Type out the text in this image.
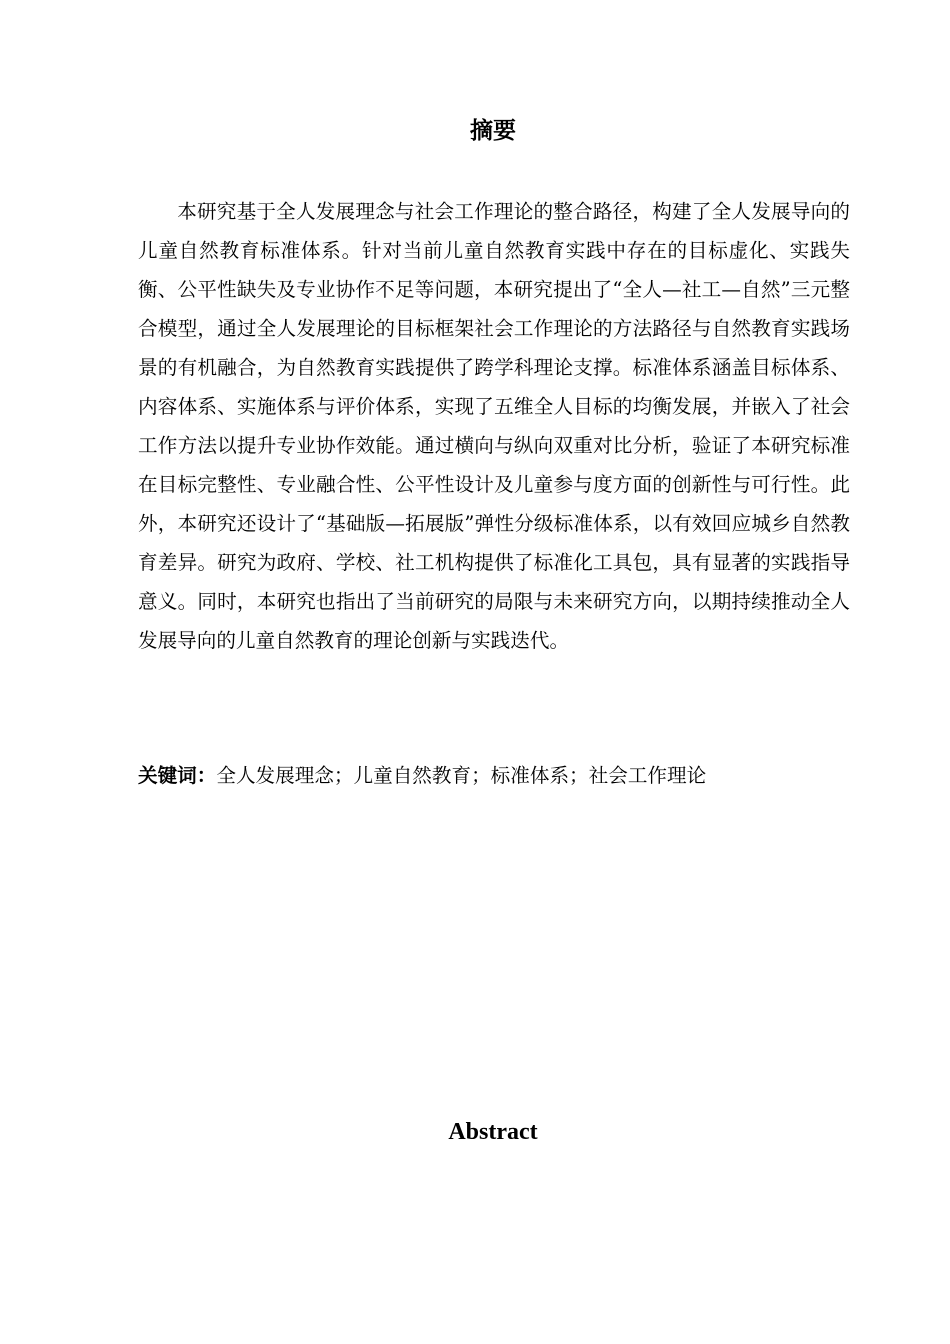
摘要

本研究基于全人发展理念与社会工作理论的整合路径，构建了全人发展导向的儿童自然教育标准体系。针对当前儿童自然教育实践中存在的目标虚化、实践失衡、公平性缺失及专业协作不足等问题，本研究提出了“全人—社工—自然”三元整合模型，通过全人发展理论的目标框架社会工作理论的方法路径与自然教育实践场景的有机融合，为自然教育实践提供了跨学科理论支撑。标准体系涵盖目标体系、内容体系、实施体系与评价体系，实现了五维全人目标的均衡发展，并嵌入了社会工作方法以提升专业协作效能。通过横向与纵向双重对比分析，验证了本研究标准在目标完整性、专业融合性、公平性设计及儿童参与度方面的创新性与可行性。此外，本研究还设计了“基础版—拓展版”弹性分级标准体系，以有效回应城乡自然教育差异。研究为政府、学校、社工机构提供了标准化工具包，具有显著的实践指导意义。同时，本研究也指出了当前研究的局限与未来研究方向，以期持续推动全人发展导向的儿童自然教育的理论创新与实践迭代。

关键词：全人发展理念；儿童自然教育；标准体系；社会工作理论

Abstract
